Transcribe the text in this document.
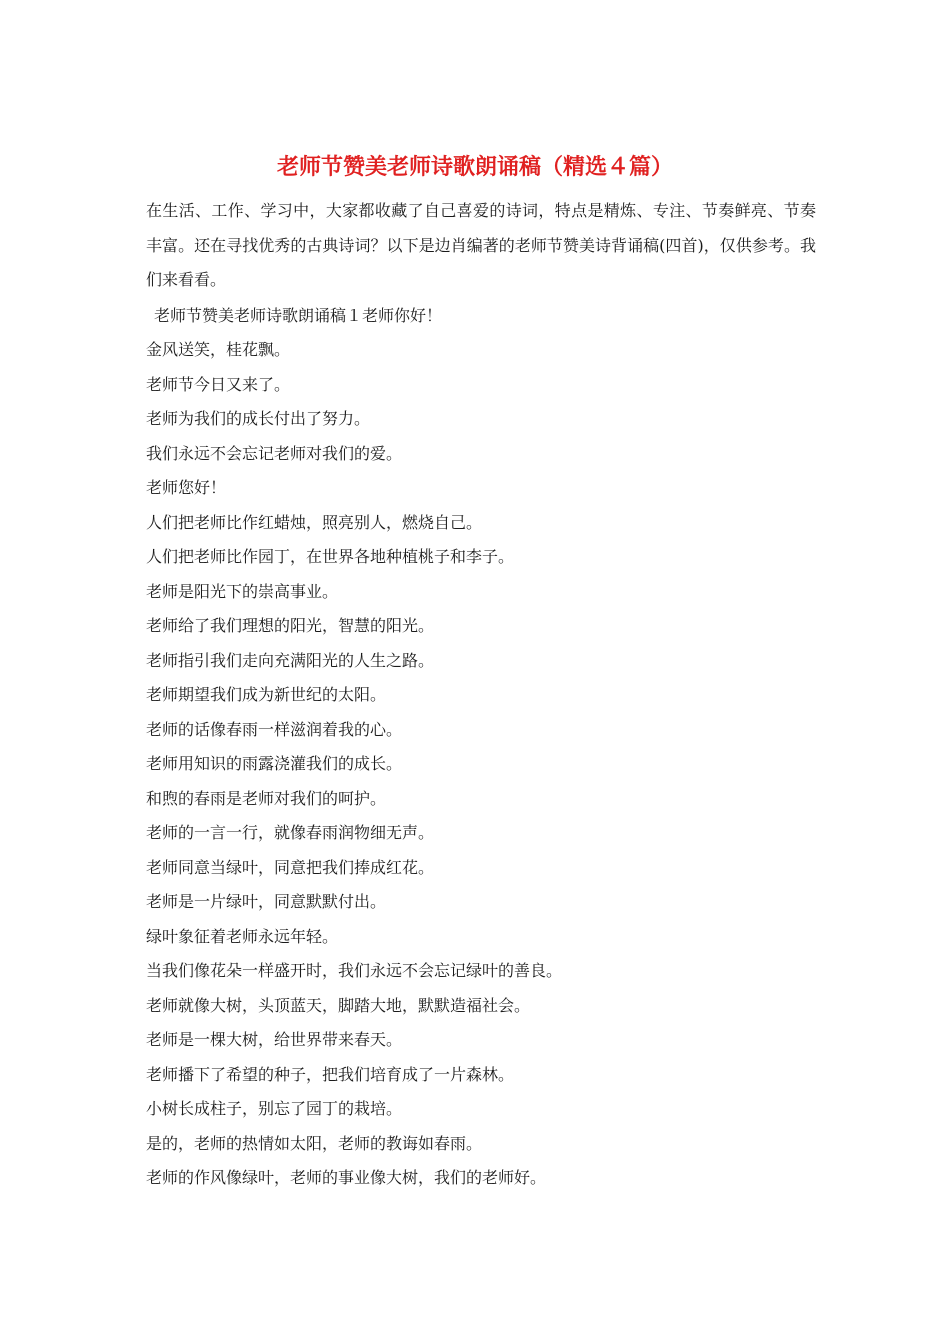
老师节赞美老师诗歌朗诵稿（精选４篇）

在生活、工作、学习中，大家都收藏了自己喜爱的诗词，特点是精炼、专注、节奏鲜亮、节奏丰富。还在寻找优秀的古典诗词？以下是边肖编著的老师节赞美诗背诵稿(四首)，仅供参考。我们来看看。

老师节赞美老师诗歌朗诵稿１老师你好！
金风送笑，桂花飘。
老师节今日又来了。
老师为我们的成长付出了努力。
我们永远不会忘记老师对我们的爱。
老师您好！
人们把老师比作红蜡烛，照亮别人，燃烧自己。
人们把老师比作园丁，在世界各地种植桃子和李子。
老师是阳光下的崇高事业。
老师给了我们理想的阳光，智慧的阳光。
老师指引我们走向充满阳光的人生之路。
老师期望我们成为新世纪的太阳。
老师的话像春雨一样滋润着我的心。
老师用知识的雨露浇灌我们的成长。
和煦的春雨是老师对我们的呵护。
老师的一言一行，就像春雨润物细无声。
老师同意当绿叶，同意把我们捧成红花。
老师是一片绿叶，同意默默付出。
绿叶象征着老师永远年轻。
当我们像花朵一样盛开时，我们永远不会忘记绿叶的善良。
老师就像大树，头顶蓝天，脚踏大地，默默造福社会。
老师是一棵大树，给世界带来春天。
老师播下了希望的种子，把我们培育成了一片森林。
小树长成柱子，别忘了园丁的栽培。
是的，老师的热情如太阳，老师的教诲如春雨。
老师的作风像绿叶，老师的事业像大树，我们的老师好。
